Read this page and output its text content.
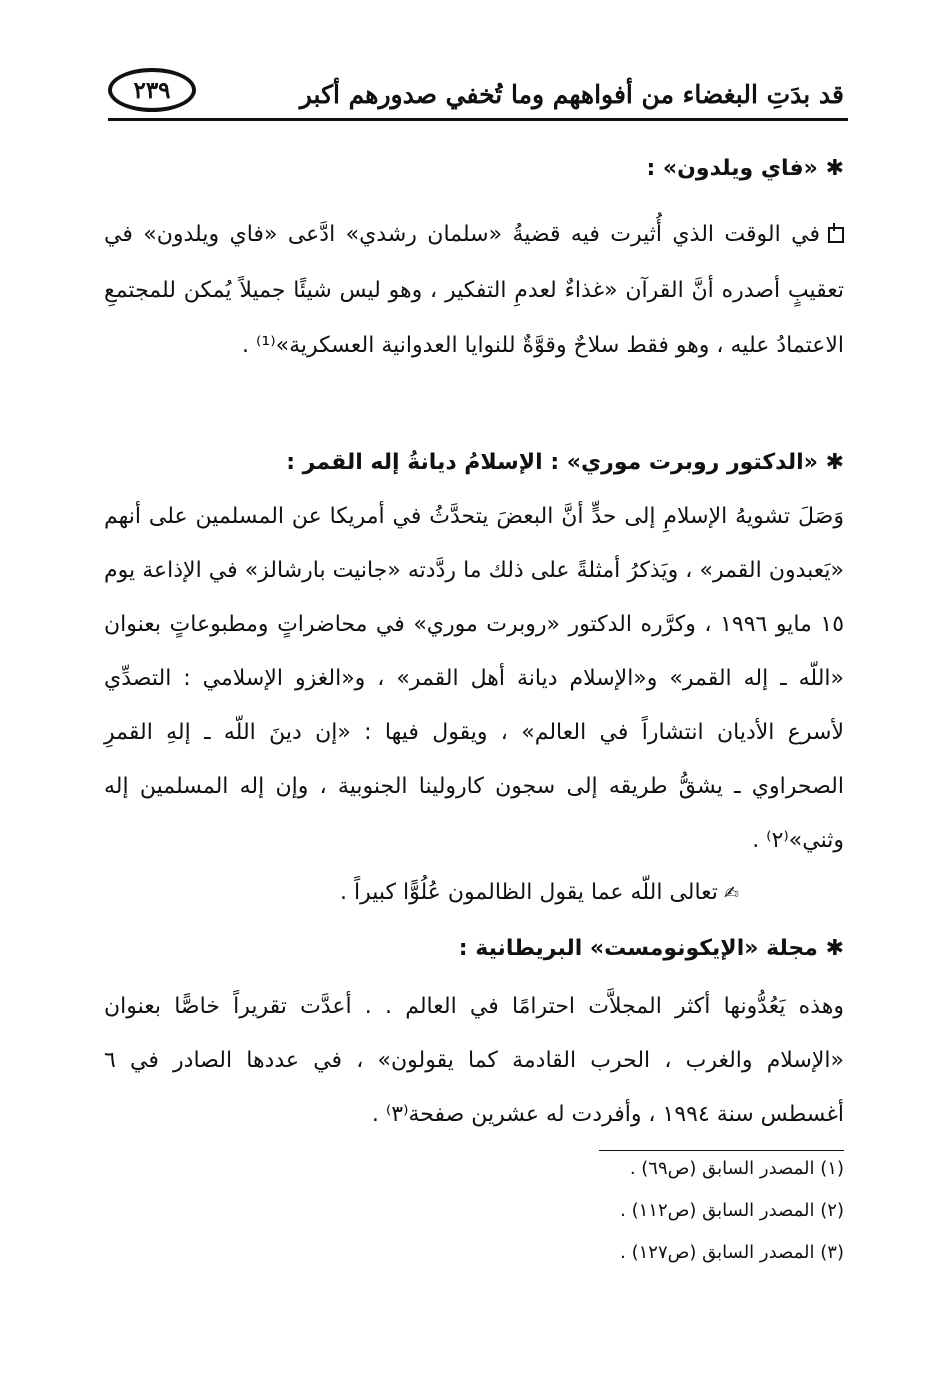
قد بدَتِ البغضاء من أفواههم وما تُخفي صدورهم أكبر
٢٣٩
✱ «فاي ويلدون» :
في الوقت الذي أُثيرت فيه قضيةُ «سلمان رشدي» ادَّعى «فاي ويلدون» في تعقيبٍ أصدره أنَّ القرآن «غذاءٌ لعدمِ التفكير ، وهو ليس شيئًا جميلاً يُمكن للمجتمعِ الاعتمادُ عليه ، وهو فقط سلاحٌ وقوَّةٌ للنوايا العدوانية العسكرية»⁽¹⁾ .
✱ «الدكتور روبرت موري» : الإسلامُ ديانةُ إله القمر :
وَصَلَ تشويهُ الإسلامِ إلى حدٍّ أنَّ البعضَ يتحدَّثُ في أمريكا عن المسلمين على أنهم «يَعبدون القمر» ، ويَذكرُ أمثلةً على ذلك ما ردَّدته «جانيت بارشالز» في الإذاعة يوم ١٥ مايو ١٩٩٦ ، وكرَّره الدكتور «روبرت موري» في محاضراتٍ ومطبوعاتٍ بعنوان «اللّه ـ إله القمر» و«الإسلام ديانة أهل القمر» ، و«الغزو الإسلامي : التصدِّي لأسرع الأديان انتشاراً في العالم» ، ويقول فيها : «إن دينَ اللّه ـ إلهِ القمرِ الصحراوي ـ يشقُّ طريقه إلى سجون كارولينا الجنوبية ، وإن إله المسلمين إله وثني»⁽٢⁾ .
✍تعالى اللّه عما يقول الظالمون عُلُوًّا كبيراً .
✱ مجلة «الإيكونومست» البريطانية :
وهذه يَعُدُّونها أكثر المجلاَّت احترامًا في العالم . . أعدَّت تقريراً خاصًّا بعنوان «الإسلام والغرب ، الحرب القادمة كما يقولون» ، في عددها الصادر في ٦ أغسطس سنة ١٩٩٤ ، وأفردت له عشرين صفحة⁽٣⁾ .
(١) المصدر السابق (ص٦٩) .
(٢) المصدر السابق (ص١١٢) .
(٣) المصدر السابق (ص١٢٧) .
